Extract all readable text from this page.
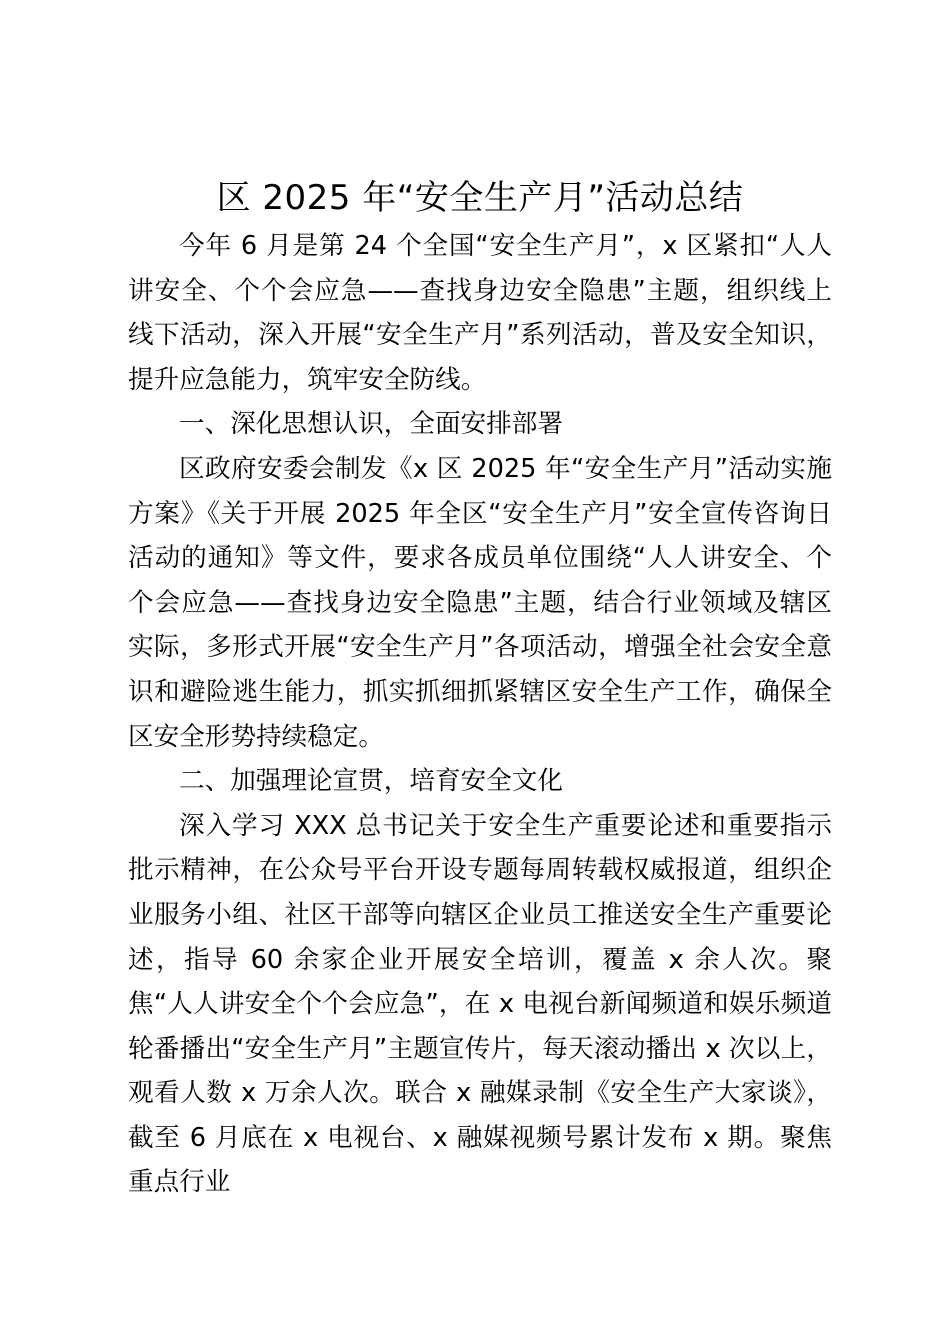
区 2025 年“安全生产月”活动总结

今年 6 月是第 24 个全国“安全生产月”，x 区紧扣“人人讲安全、个个会应急——查找身边安全隐患”主题，组织线上线下活动，深入开展“安全生产月”系列活动，普及安全知识，提升应急能力，筑牢安全防线。

一、深化思想认识，全面安排部署

区政府安委会制发《x 区 2025 年“安全生产月”活动实施方案》《关于开展 2025 年全区“安全生产月”安全宣传咨询日活动的通知》等文件，要求各成员单位围绕“人人讲安全、个个会应急——查找身边安全隐患”主题，结合行业领域及辖区实际，多形式开展“安全生产月”各项活动，增强全社会安全意识和避险逃生能力，抓实抓细抓紧辖区安全生产工作，确保全区安全形势持续稳定。

二、加强理论宣贯，培育安全文化

深入学习 XXX 总书记关于安全生产重要论述和重要指示批示精神，在公众号平台开设专题每周转载权威报道，组织企业服务小组、社区干部等向辖区企业员工推送安全生产重要论述，指导 60 余家企业开展安全培训，覆盖 x 余人次。聚焦“人人讲安全个个会应急”，在 x 电视台新闻频道和娱乐频道轮番播出“安全生产月”主题宣传片，每天滚动播出 x 次以上，观看人数 x 万余人次。联合 x 融媒录制《安全生产大家谈》，截至 6 月底在 x 电视台、x 融媒视频号累计发布 x 期。聚焦重点行业
